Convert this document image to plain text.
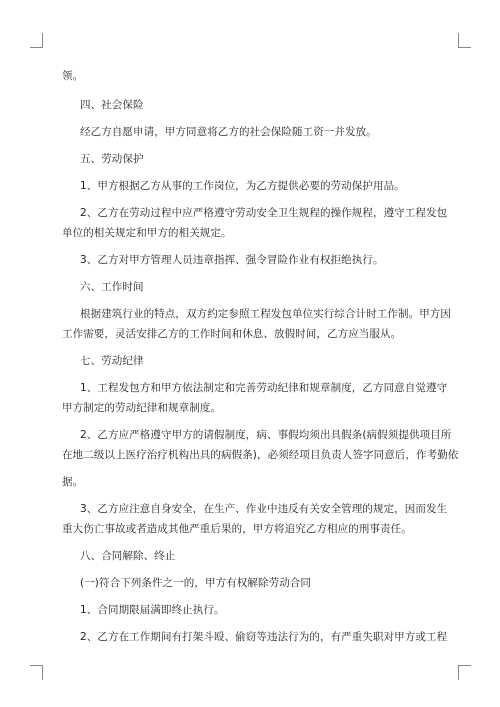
领。
四、社会保险
经乙方自愿申请，甲方同意将乙方的社会保险随工资一并发放。
五、劳动保护
1、甲方根据乙方从事的工作岗位，为乙方提供必要的劳动保护用品。
2、乙方在劳动过程中应严格遵守劳动安全卫生规程的操作规程，遵守工程发包
单位的相关规定和甲方的相关规定。
3、乙方对甲方管理人员违章指挥、强令冒险作业有权拒绝执行。
六、工作时间
根据建筑行业的特点，双方约定参照工程发包单位实行综合计时工作制。甲方因
工作需要，灵活安排乙方的工作时间和休息、放假时间，乙方应当服从。
七、劳动纪律
1、工程发包方和甲方依法制定和完善劳动纪律和规章制度，乙方同意自觉遵守
甲方制定的劳动纪律和规章制度。
2、乙方应严格遵守甲方的请假制度，病、事假均须出具假条(病假须提供项目所
在地二级以上医疗治疗机构出具的病假条)，必须经项目负责人签字同意后，作考勤依
据。
3、乙方应注意自身安全，在生产、作业中违反有关安全管理的规定，因而发生
重大伤亡事故或者造成其他严重后果的，甲方将追究乙方相应的刑事责任。
八、合同解除、终止
(一)符合下列条件之一的，甲方有权解除劳动合同
1、合同期限届满即终止执行。
2、乙方在工作期间有打架斗殴、偷窃等违法行为的，有严重失职对甲方或工程
